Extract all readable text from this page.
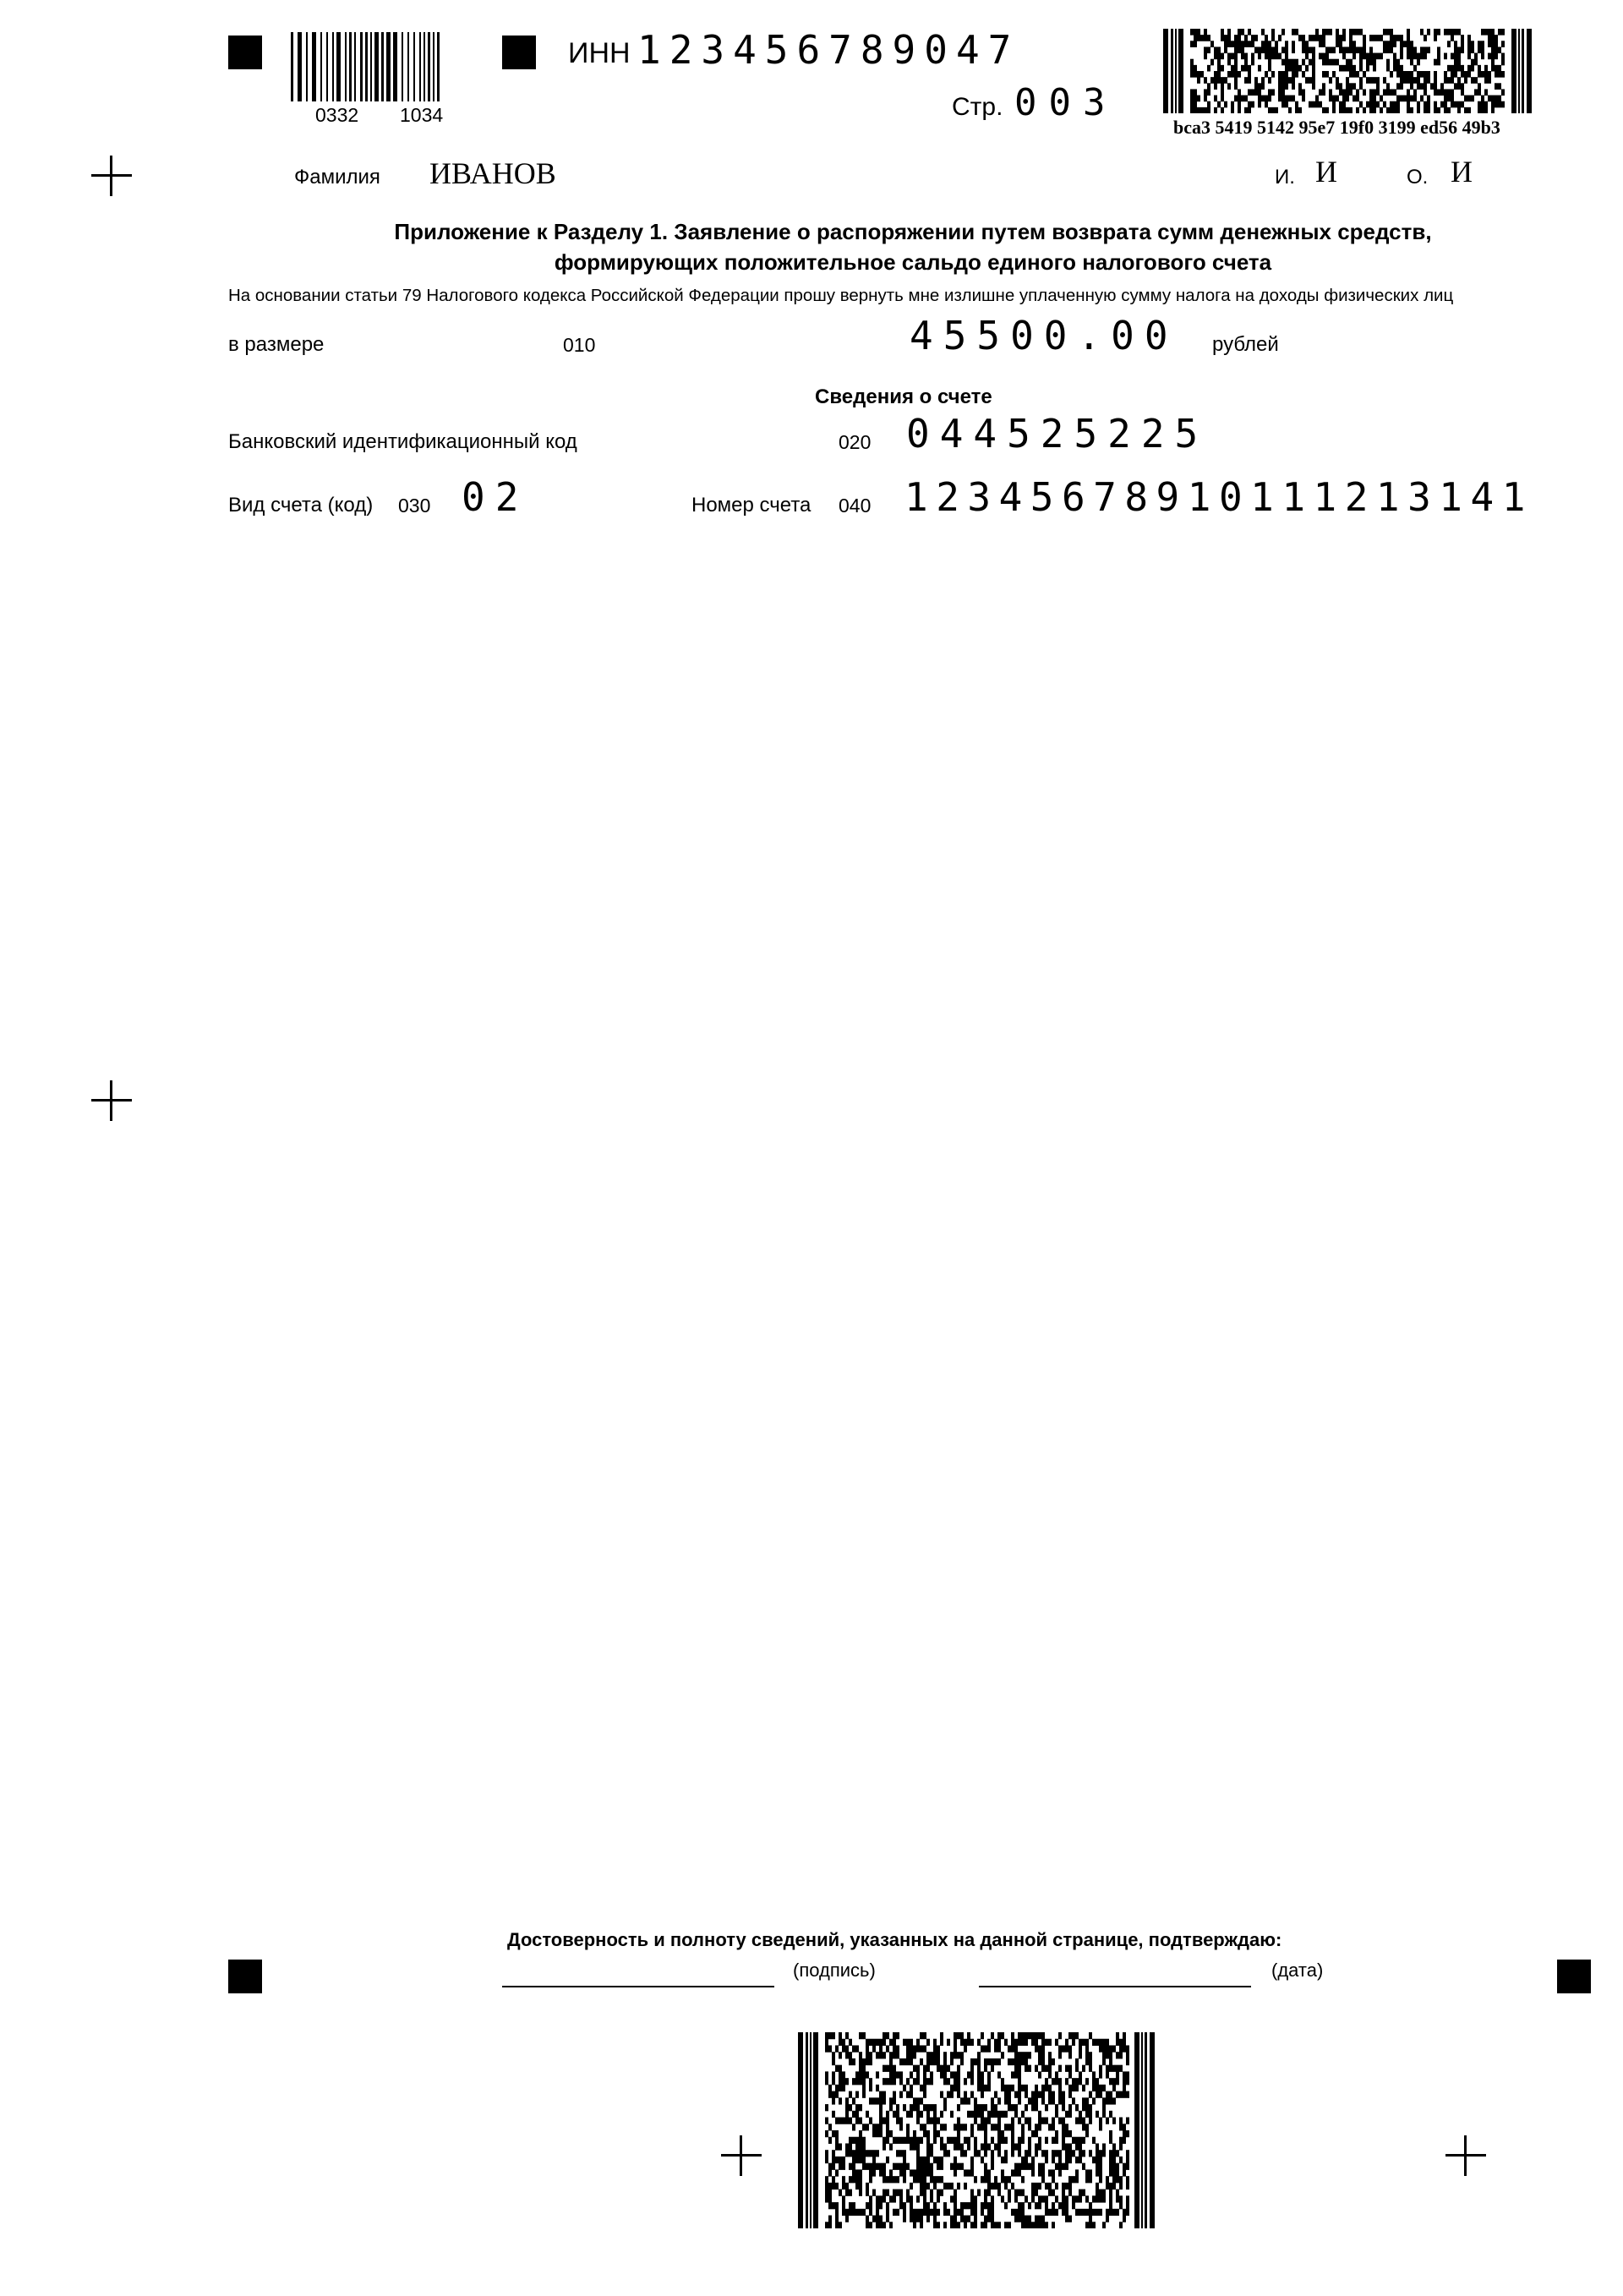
0332 1034
ИНН 123456789047
Стр. 003
bca3 5419 5142 95e7 19f0 3199 ed56 49b3
Фамилия ИВАНОВ	И. И	О. И
Приложение к Разделу 1. Заявление о распоряжении путем возврата сумм денежных средств,
формирующих положительное сальдо единого налогового счета
На основании статьи 79 Налогового кодекса Российской Федерации прошу вернуть мне излишне уплаченную сумму налога на доходы физических лиц
в размере	010	45500.00 рублей
Сведения о счете
Банковский идентификационный код	020 044525225
Вид счета (код) 030 02	Номер счета 040 12345678910111213141
Достоверность и полноту сведений, указанных на данной странице, подтверждаю:
(подпись)	(дата)
